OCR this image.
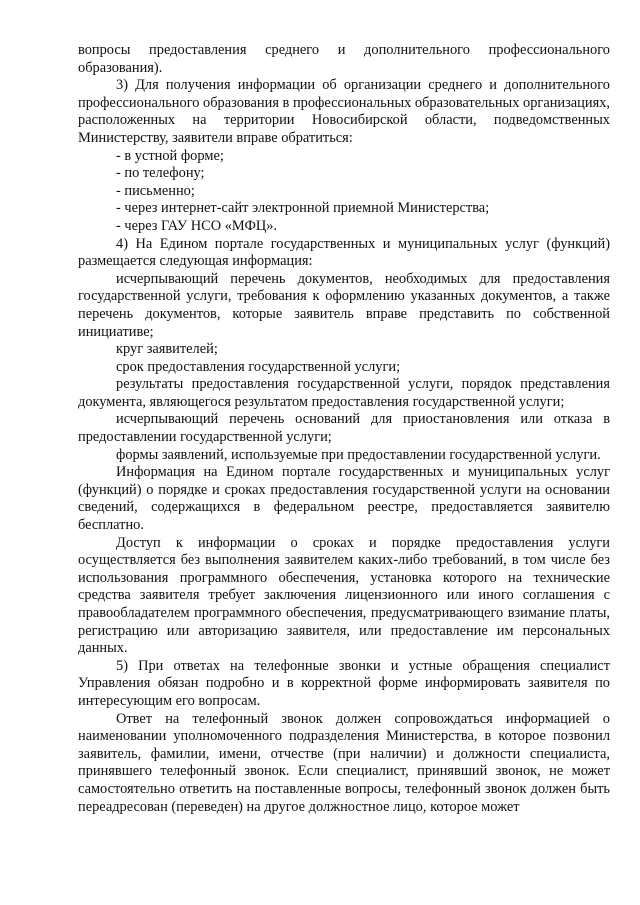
вопросы предоставления среднего и дополнительного профессионального образования).

3) Для получения информации об организации среднего и дополнительного профессионального образования в профессиональных образовательных организациях, расположенных на территории Новосибирской области, подведомственных Министерству, заявители вправе обратиться:

- в устной форме;

- по телефону;

- письменно;

- через интернет-сайт электронной приемной Министерства;

- через ГАУ НСО «МФЦ».

4) На Едином портале государственных и муниципальных услуг (функций) размещается следующая информация:

исчерпывающий перечень документов, необходимых для предоставления государственной услуги, требования к оформлению указанных документов, а также перечень документов, которые заявитель вправе представить по собственной инициативе;

круг заявителей;

срок предоставления государственной услуги;

результаты предоставления государственной услуги, порядок представления документа, являющегося результатом предоставления государственной услуги;

исчерпывающий перечень оснований для приостановления или отказа в предоставлении государственной услуги;

формы заявлений, используемые при предоставлении государственной услуги.

Информация на Едином портале государственных и муниципальных услуг (функций) о порядке и сроках предоставления государственной услуги на основании сведений, содержащихся в федеральном реестре, предоставляется заявителю бесплатно.

Доступ к информации о сроках и порядке предоставления услуги осуществляется без выполнения заявителем каких-либо требований, в том числе без использования программного обеспечения, установка которого на технические средства заявителя требует заключения лицензионного или иного соглашения с правообладателем программного обеспечения, предусматривающего взимание платы, регистрацию или авторизацию заявителя, или предоставление им персональных данных.

5) При ответах на телефонные звонки и устные обращения специалист Управления обязан подробно и в корректной форме информировать заявителя по интересующим его вопросам.

Ответ на телефонный звонок должен сопровождаться информацией о наименовании уполномоченного подразделения Министерства, в которое позвонил заявитель, фамилии, имени, отчестве (при наличии) и должности специалиста, принявшего телефонный звонок. Если специалист, принявший звонок, не может самостоятельно ответить на поставленные вопросы, телефонный звонок должен быть переадресован (переведен) на другое должностное лицо, которое может
